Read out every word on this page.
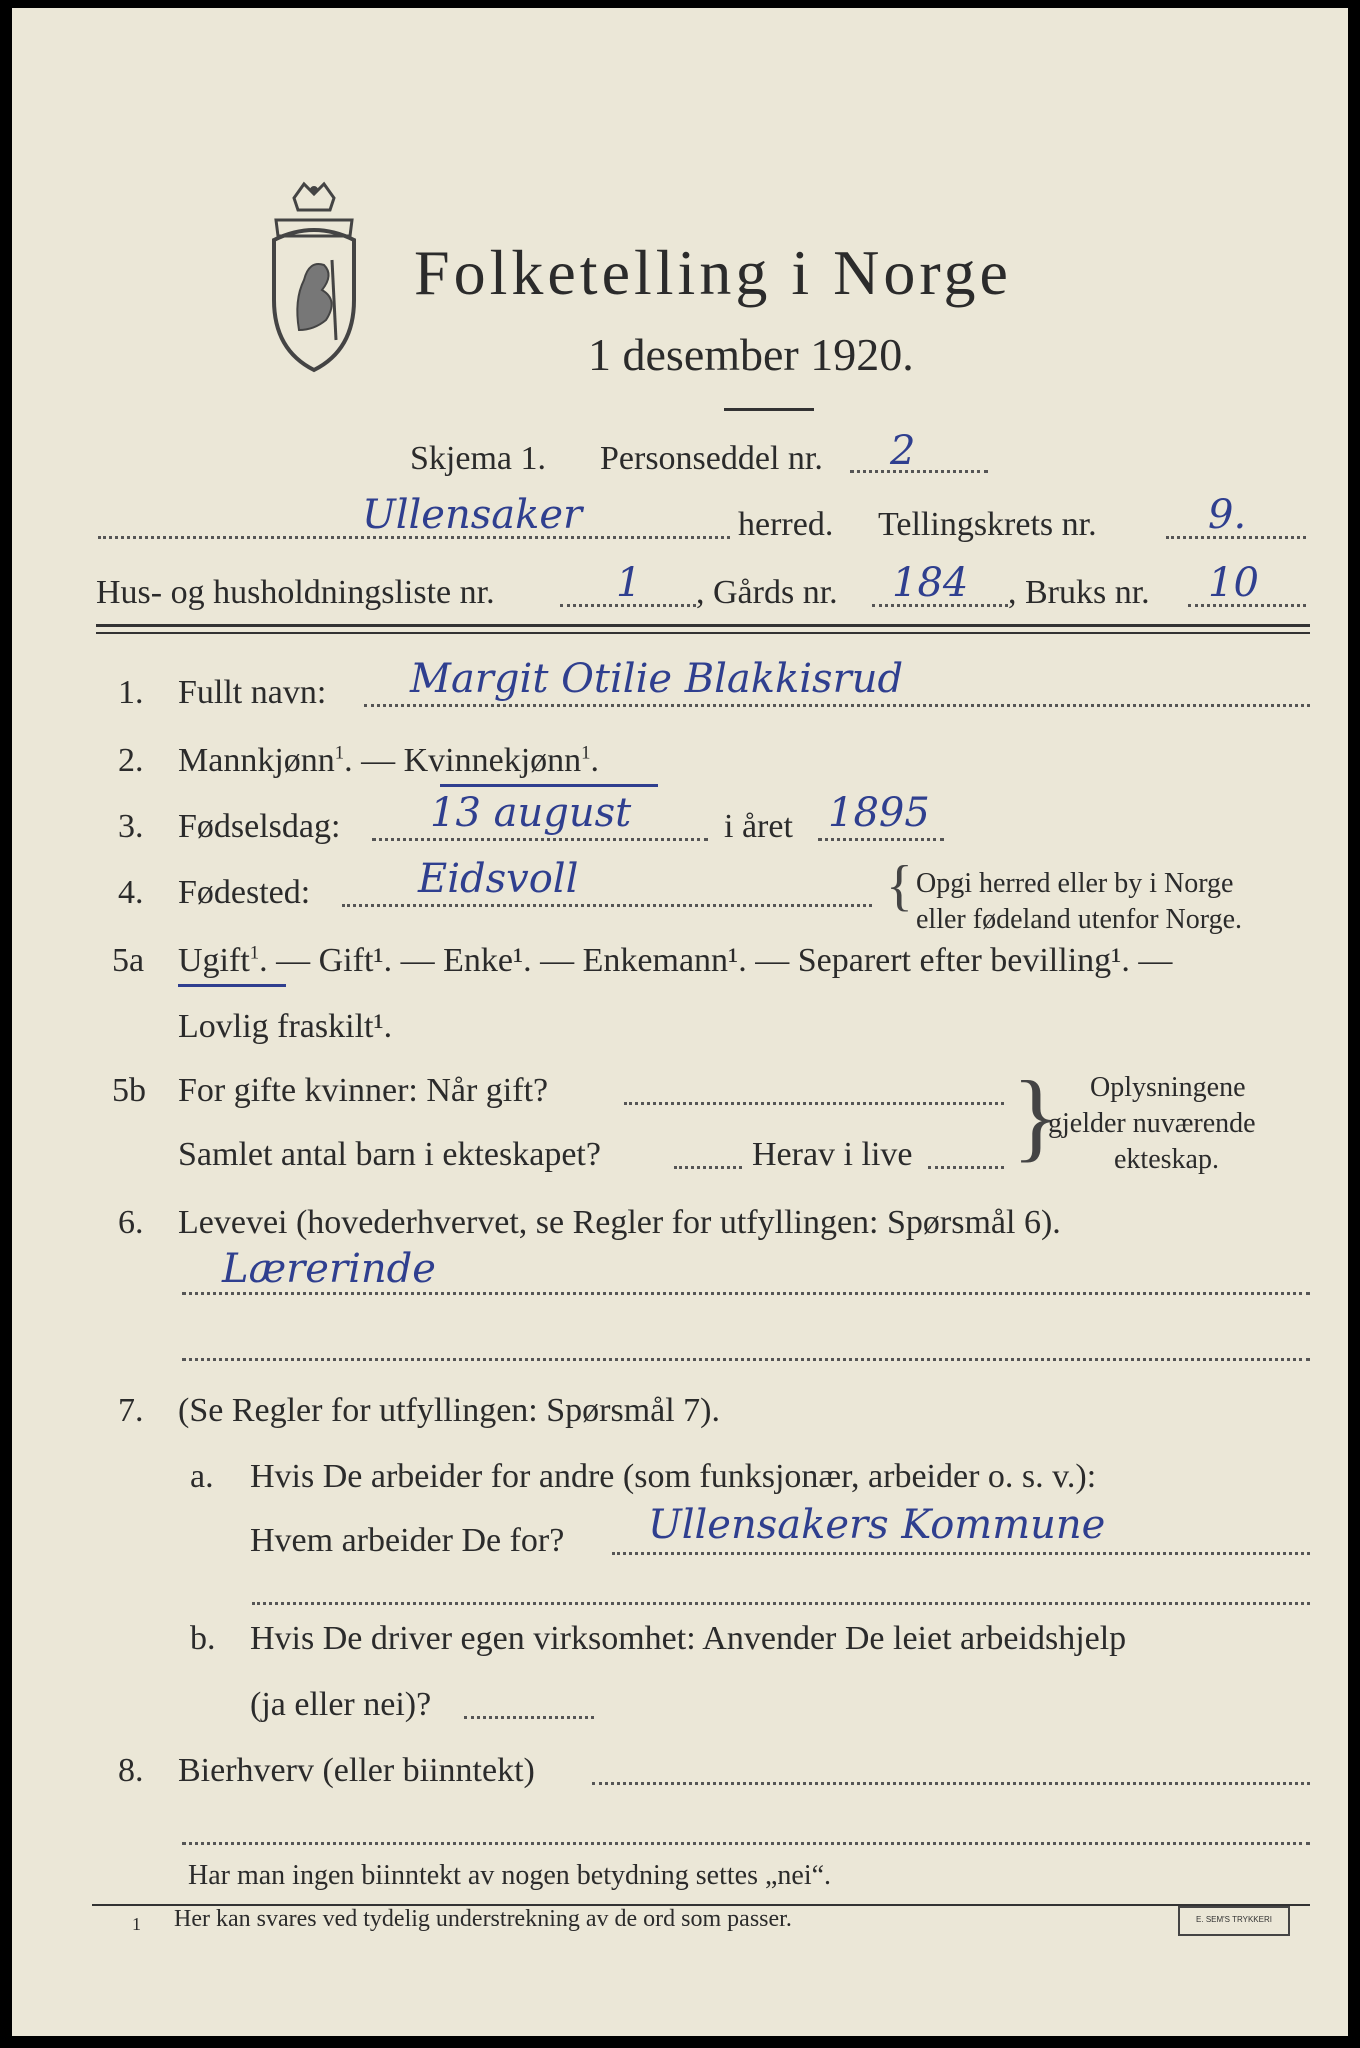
Folketelling i Norge
1 desember 1920.
Skjema 1. Personseddel nr. 2
Ullensaker	herred. Tellingskrets nr.	9.
Hus- og husholdningsliste nr.	1 , Gårds nr. 184 , Bruks nr. 10
1. Fullt navn: Margit Otilie Blakkisrud
2. Mannkjønn$^1$. — Kvinnekjønn$^1$.
3. Fødselsdag: 13 august	i året 1895
4. Fødested:	Eidsvoll	{ Opgi herred eller by i Norge
eller fødeland utenfor Norge.
5a Ugift$^1$. — Gift¹. — Enke¹. — Enkemann¹. — Separert efter bevilling¹. —
Lovlig fraskilt¹.
5b For gifte kvinner: Når gift?
Samlet antal barn i ekteskapet?	Herav i live } Oplysningene
gjelder nuværende
ekteskap.
6. Levevei (hovederhvervet, se Regler for utfyllingen: Spørsmål 6).
Lærerinde
7. (Se Regler for utfyllingen: Spørsmål 7).
a. Hvis De arbeider for andre (som funksjonær, arbeider o. s. v.):
Hvem arbeider De for? Ullensakers Kommune
b. Hvis De driver egen virksomhet: Anvender De leiet arbeidshjelp
(ja eller nei)?
8. Bierhverv (eller biinntekt)
Har man ingen biinntekt av nogen betydning settes „nei“.
1 Her kan svares ved tydelig understrekning av de ord som passer.	E. SEM'S TRYKKERI
